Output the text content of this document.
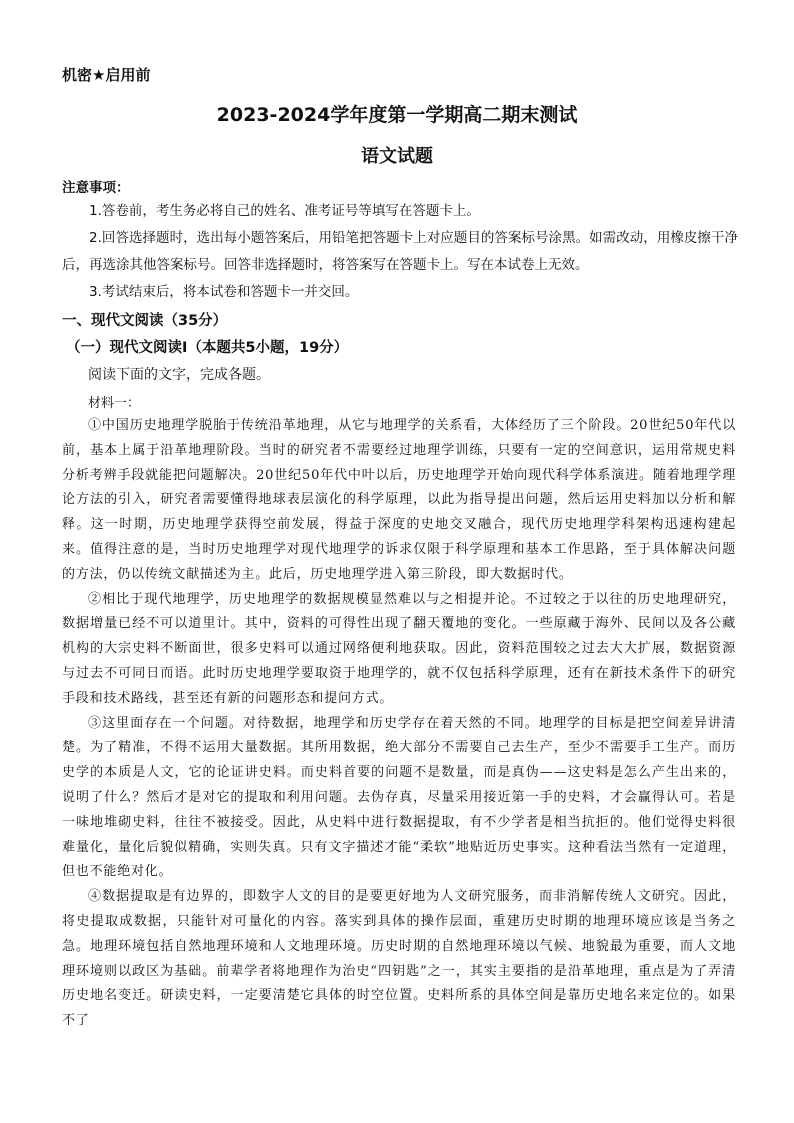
机密★启用前
2023-2024学年度第一学期高二期末测试
语文试题
注意事项：

1.答卷前，考生务必将自己的姓名、准考证号等填写在答题卡上。

2.回答选择题时，选出每小题答案后，用铅笔把答题卡上对应题目的答案标号涂黑。如需改动，用橡皮擦干净后，再选涂其他答案标号。回答非选择题时，将答案写在答题卡上。写在本试卷上无效。

3.考试结束后，将本试卷和答题卡一并交回。

一、现代文阅读（35分）
（一）现代文阅读Ⅰ（本题共5小题，19分）
阅读下面的文字，完成各题。
材料一：

①中国历史地理学脱胎于传统沿革地理，从它与地理学的关系看，大体经历了三个阶段。20世纪50年代以前，基本上属于沿革地理阶段。当时的研究者不需要经过地理学训练，只要有一定的空间意识，运用常规史料分析考辨手段就能把问题解决。20世纪50年代中叶以后，历史地理学开始向现代科学体系演进。随着地理学理论方法的引入，研究者需要懂得地球表层演化的科学原理，以此为指导提出问题，然后运用史料加以分析和解释。这一时期，历史地理学获得空前发展，得益于深度的史地交叉融合，现代历史地理学科架构迅速构建起来。值得注意的是，当时历史地理学对现代地理学的诉求仅限于科学原理和基本工作思路，至于具体解决问题的方法，仍以传统文献描述为主。此后，历史地理学进入第三阶段，即大数据时代。

②相比于现代地理学，历史地理学的数据规模显然难以与之相提并论。不过较之于以往的历史地理研究，数据增量已经不可以道里计。其中，资料的可得性出现了翻天覆地的变化。一些原藏于海外、民间以及各公藏机构的大宗史料不断面世，很多史料可以通过网络便利地获取。因此，资料范围较之过去大大扩展，数据资源与过去不可同日而语。此时历史地理学要取资于地理学的，就不仅包括科学原理，还有在新技术条件下的研究手段和技术路线，甚至还有新的问题形态和提问方式。

③这里面存在一个问题。对待数据，地理学和历史学存在着天然的不同。地理学的目标是把空间差异讲清楚。为了精准，不得不运用大量数据。其所用数据，绝大部分不需要自己去生产，至少不需要手工生产。而历史学的本质是人文，它的论证讲史料。而史料首要的问题不是数量，而是真伪——这史料是怎么产生出来的，说明了什么？然后才是对它的提取和利用问题。去伪存真，尽量采用接近第一手的史料，才会赢得认可。若是一味地堆砌史料，往往不被接受。因此，从史料中进行数据提取，有不少学者是相当抗拒的。他们觉得史料很难量化，量化后貌似精确，实则失真。只有文字描述才能“柔软”地贴近历史事实。这种看法当然有一定道理，但也不能绝对化。

④数据提取是有边界的，即数字人文的目的是要更好地为人文研究服务，而非消解传统人文研究。因此，将史提取成数据，只能针对可量化的内容。落实到具体的操作层面，重建历史时期的地理环境应该是当务之急。地理环境包括自然地理环境和人文地理环境。历史时期的自然地理环境以气候、地貌最为重要，而人文地理环境则以政区为基础。前辈学者将地理作为治史“四钥匙”之一，其实主要指的是沿革地理，重点是为了弄清历史地名变迁。研读史料，一定要清楚它具体的时空位置。史料所系的具体空间是靠历史地名来定位的。如果不了
